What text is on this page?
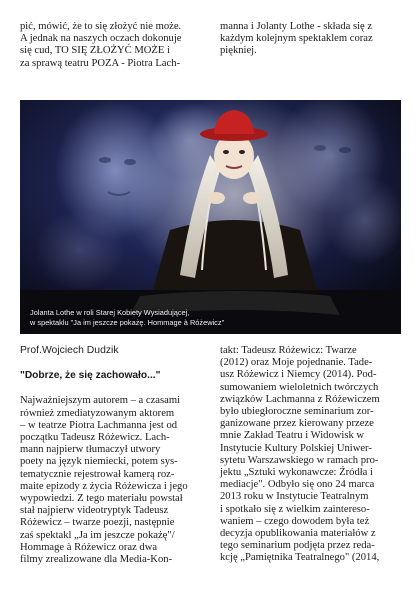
pić, mówić, że to się złożyć nie może.
A jednak na naszych oczach dokonuje
się cud, TO SIĘ ZŁOŻYĆ MOŻE i
za sprawą teatru POZA - Piotra Lach-
manna i Jolanty Lothe - składa się z
każdym kolejnym spektaklem coraz
piękniej.
Jolanta Lothe w roli Starej Kobiety Wysiadującej,
w spektaklu "Ja im jeszcze pokażę. Hommage à Różewicz"
Prof.Wojciech Dudzik
"Dobrze, że się zachowało..."
Najważniejszym autorem – a czasami
również zmediatyzowanym aktorem
– w teatrze Piotra Lachmanna jest od
początku Tadeusz Różewicz. Lach-
mann najpierw tłumaczył utwory
poety na język niemiecki, potem sys-
tematycznie rejestrował kamerą roz-
maite epizody z życia Różewicza i jego
wypowiedzi. Z tego materiału powstał
stał najpierw videotryptyk Tadeusz
Różewicz – twarze poezji, następnie
zaś spektakl „Ja im jeszcze pokażę"/
Hommage à Różewicz oraz dwa
filmy zrealizowane dla Media-Kon-
takt: Tadeusz Różewicz: Twarze
(2012) oraz Moje pojednanie. Tade-
usz Różewicz i Niemcy (2014). Pod-
sumowaniem wieloletnich twórczych
związków Lachmanna z Różewiczem
było ubiegłoroczne seminarium zor-
ganizowane przez kierowany przeze
mnie Zakład Teatru i Widowisk w
Instytucie Kultury Polskiej Uniwer-
sytetu Warszawskiego w ramach pro-
jektu „Sztuki wykonawcze: Źródła i
mediacje". Odbyło się ono 24 marca
2013 roku w Instytucie Teatralnym
i spotkało się z wielkim zaintereso-
waniem – czego dowodem była też
decyzja opublikowania materiałów z
tego seminarium podjęta przez reda-
kcję „Pamiętnika Teatralnego" (2014,
